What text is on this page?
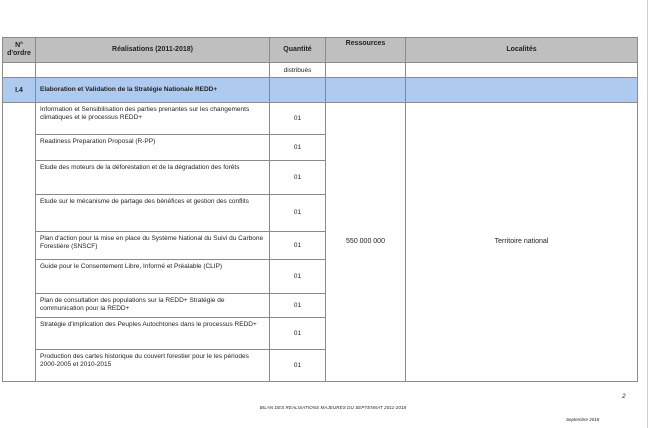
N° d'ordre	Réalisations (2011-2018)	Quantité	Ressources	Localités
		distribués		
I.4	Elaboration et Validation de la Stratégie Nationale REDD+			
	Information et Sensibilisation des parties prenantes sur les changements climatiques et le processus REDD+	01	550 000 000	Territoire national
	Readiness Preparation Proposal (R-PP)	01		
	Etude des moteurs de la déforestation et de la dégradation des forêts	01		
	Etude sur le mécanisme de partage des bénéfices et gestion des conflits	01		
	Plan d'action pour la mise en place du Système National du Suivi du Carbone Forestière (SNSCF)	01		
	Guide pour le Consentement Libre, Informé et Préalable (CLIP)	01		
	Plan de consultation des populations sur la REDD+ Stratégie de communication pour la REDD+	01		
	Stratégie d'implication des Peuples Autochtones dans le processus REDD+	01		
	Production des cartes historique du couvert forestier pour le les périodes 2000-2005 et 2010-2015	01		
2
BILAN DES REALISATIONS MAJEURES DU SEPTENNAT 2011-2018
Septembre 2018
